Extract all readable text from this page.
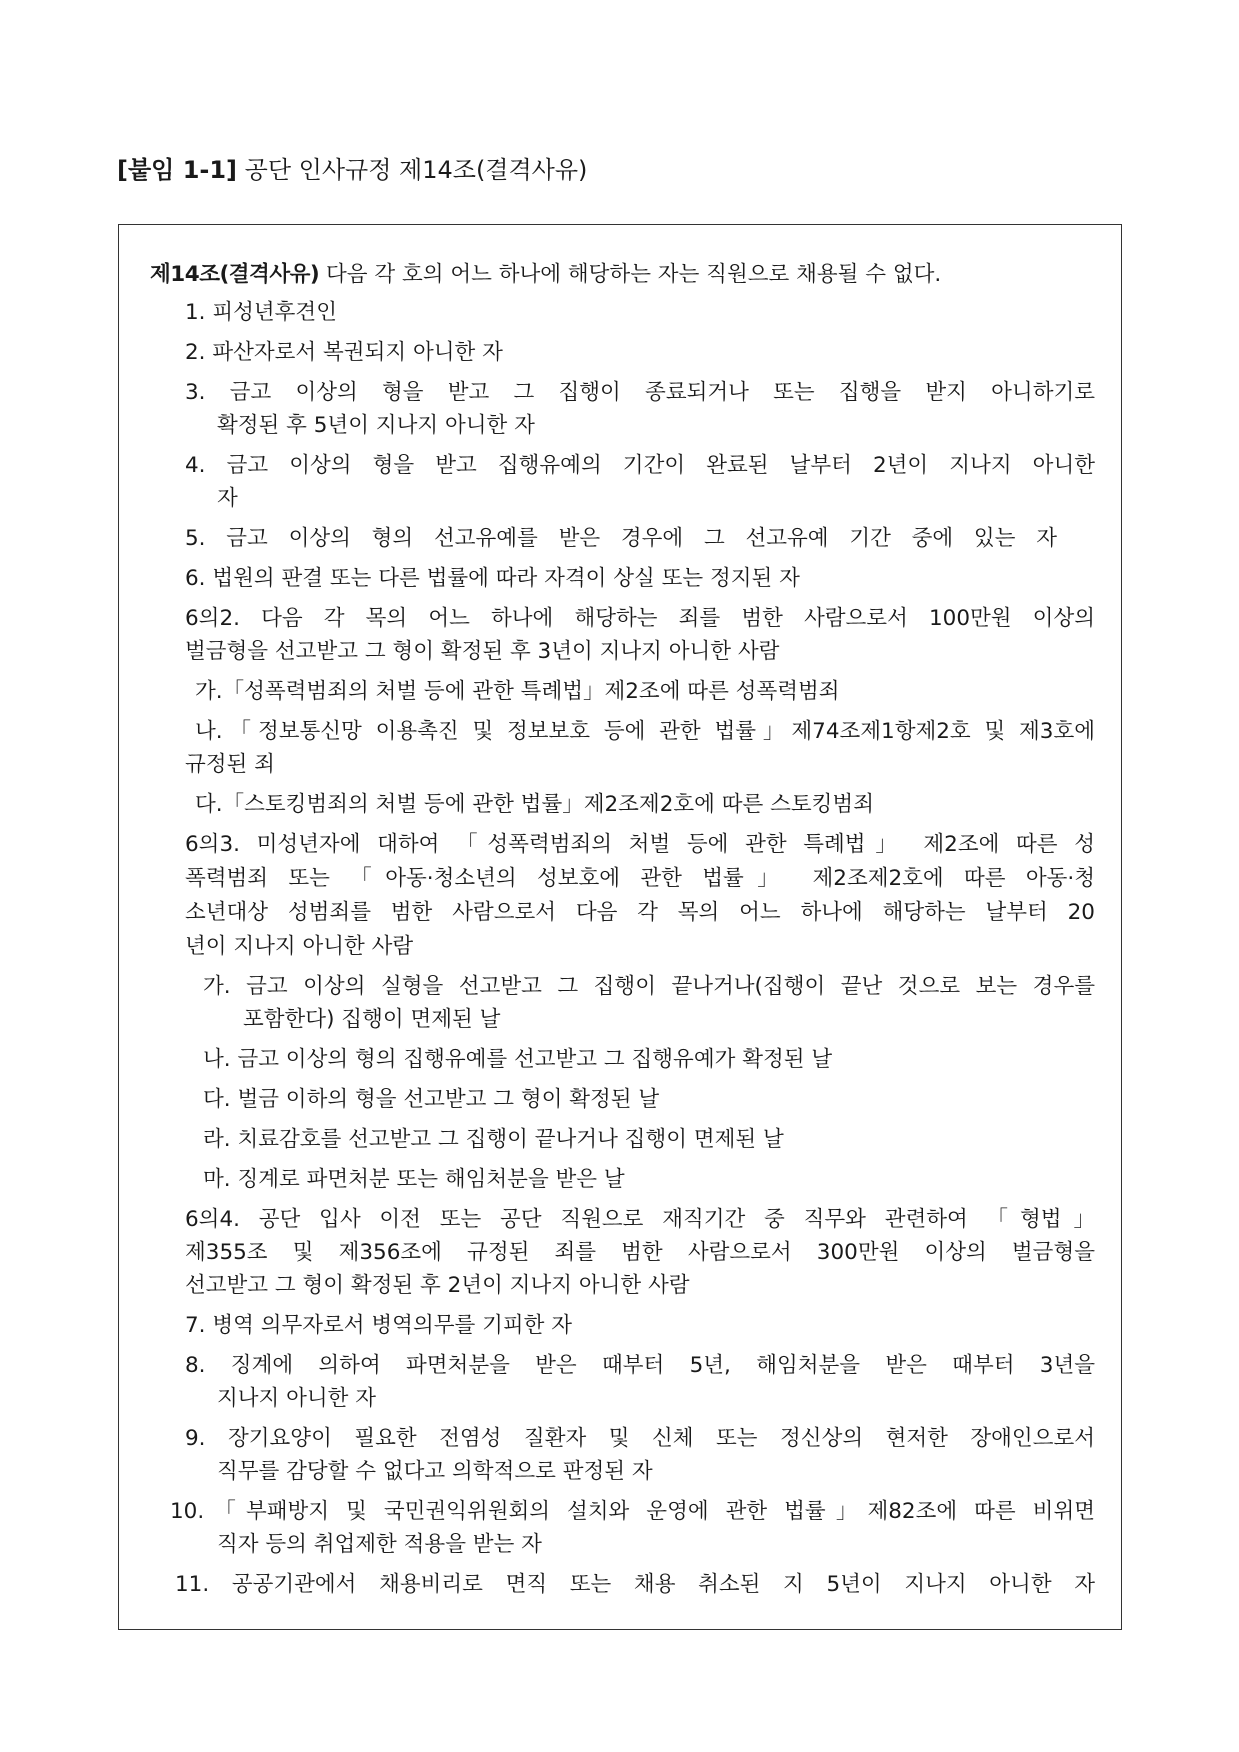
[붙임 1-1] 공단 인사규정 제14조(결격사유)
제14조(결격사유) 다음 각 호의 어느 하나에 해당하는 자는 직원으로 채용될 수 없다.
1. 피성년후견인
2. 파산자로서 복권되지 아니한 자
3. 금고 이상의 형을 받고 그 집행이 종료되거나 또는 집행을 받지 아니하기로
확정된 후 5년이 지나지 아니한 자
4. 금고 이상의 형을 받고 집행유예의 기간이 완료된 날부터 2년이 지나지 아니한
자
5. 금고 이상의 형의 선고유예를 받은 경우에 그 선고유예 기간 중에 있는 자
6. 법원의 판결 또는 다른 법률에 따라 자격이 상실 또는 정지된 자
6의2. 다음 각 목의 어느 하나에 해당하는 죄를 범한 사람으로서 100만원 이상의
벌금형을 선고받고 그 형이 확정된 후 3년이 지나지 아니한 사람
가.「성폭력범죄의 처벌 등에 관한 특례법」제2조에 따른 성폭력범죄
나.「정보통신망 이용촉진 및 정보보호 등에 관한 법률」제74조제1항제2호 및 제3호에
규정된 죄
다.「스토킹범죄의 처벌 등에 관한 법률」제2조제2호에 따른 스토킹범죄
6의3. 미성년자에 대하여 「성폭력범죄의 처벌 등에 관한 특례법」 제2조에 따른 성
폭력범죄 또는 「아동·청소년의 성보호에 관한 법률」 제2조제2호에 따른 아동·청
소년대상 성범죄를 범한 사람으로서 다음 각 목의 어느 하나에 해당하는 날부터 20
년이 지나지 아니한 사람
가. 금고 이상의 실형을 선고받고 그 집행이 끝나거나(집행이 끝난 것으로 보는 경우를
포함한다) 집행이 면제된 날
나. 금고 이상의 형의 집행유예를 선고받고 그 집행유예가 확정된 날
다. 벌금 이하의 형을 선고받고 그 형이 확정된 날
라. 치료감호를 선고받고 그 집행이 끝나거나 집행이 면제된 날
마. 징계로 파면처분 또는 해임처분을 받은 날
6의4. 공단 입사 이전 또는 공단 직원으로 재직기간 중 직무와 관련하여 「형법」
제355조 및 제356조에 규정된 죄를 범한 사람으로서 300만원 이상의 벌금형을
선고받고 그 형이 확정된 후 2년이 지나지 아니한 사람
7. 병역 의무자로서 병역의무를 기피한 자
8. 징계에 의하여 파면처분을 받은 때부터 5년, 해임처분을 받은 때부터 3년을
지나지 아니한 자
9. 장기요양이 필요한 전염성 질환자 및 신체 또는 정신상의 현저한 장애인으로서
직무를 감당할 수 없다고 의학적으로 판정된 자
10.「부패방지 및 국민권익위원회의 설치와 운영에 관한 법률」제82조에 따른 비위면
직자 등의 취업제한 적용을 받는 자
11. 공공기관에서 채용비리로 면직 또는 채용 취소된 지 5년이 지나지 아니한 자
